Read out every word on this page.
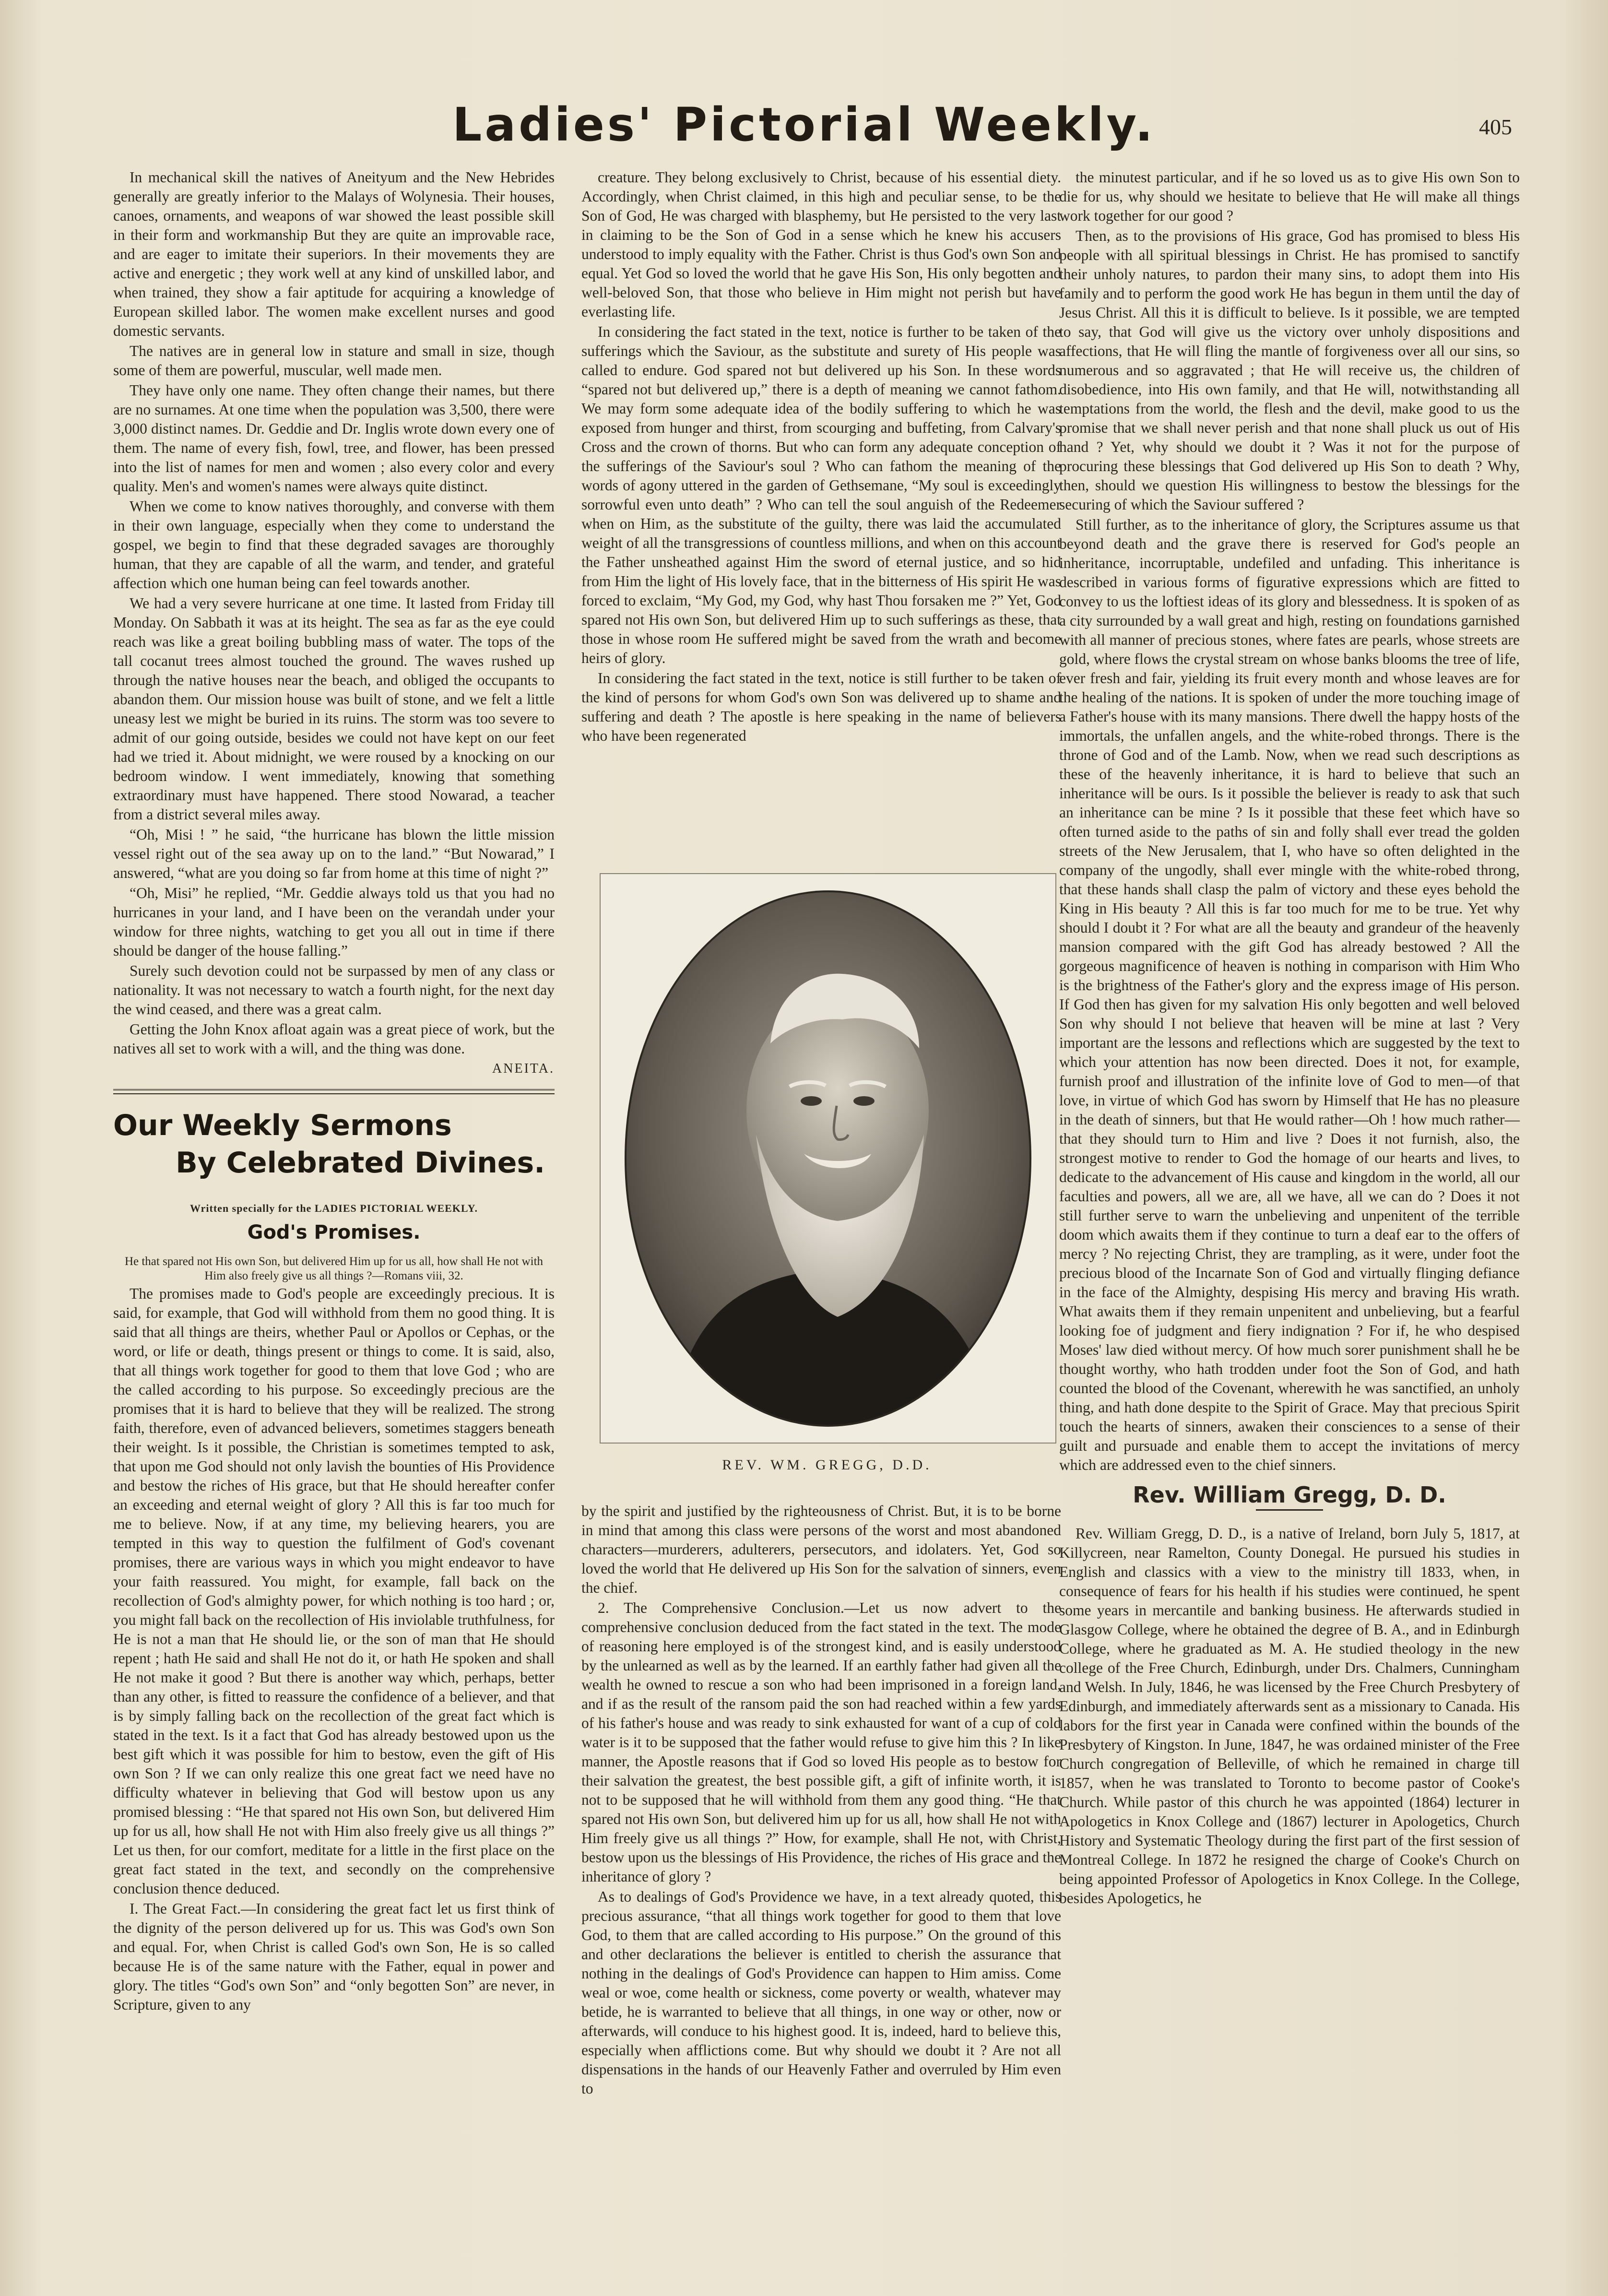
Ladies' Pictorial Weekly.	405

In mechanical skill the natives of Aneityum and the New Hebrides generally are greatly inferior to the Malays of Wolynesia. Their houses, canoes, ornaments, and weapons of war showed the least possible skill in their form and workmanship But they are quite an improvable race, and are eager to imitate their superiors. In their movements they are active and energetic ; they work well at any kind of unskilled labor, and when trained, they show a fair aptitude for acquiring a knowledge of European skilled labor. The women make excellent nurses and good domestic servants.

The natives are in general low in stature and small in size, though some of them are powerful, muscular, well made men.

They have only one name. They often change their names, but there are no surnames. At one time when the population was 3,500, there were 3,000 distinct names. Dr. Geddie and Dr. Inglis wrote down every one of them. The name of every fish, fowl, tree, and flower, has been pressed into the list of names for men and women ; also every color and every quality. Men's and women's names were always quite distinct.

When we come to know natives thoroughly, and converse with them in their own language, especially when they come to understand the gospel, we begin to find that these degraded savages are thoroughly human, that they are capable of all the warm, and tender, and grateful affection which one human being can feel towards another.

We had a very severe hurricane at one time. It lasted from Friday till Monday. On Sabbath it was at its height. The sea as far as the eye could reach was like a great boiling bubbling mass of water. The tops of the tall cocanut trees almost touched the ground. The waves rushed up through the native houses near the beach, and obliged the occupants to abandon them. Our mission house was built of stone, and we felt a little uneasy lest we might be buried in its ruins. The storm was too severe to admit of our going outside, besides we could not have kept on our feet had we tried it. About midnight, we were roused by a knocking on our bedroom window. I went immediately, knowing that something extraordinary must have happened. There stood Nowarad, a teacher from a district several miles away.

“Oh, Misi ! ” he said, “the hurricane has blown the little mission vessel right out of the sea away up on to the land.” “But Nowarad,” I answered, “what are you doing so far from home at this time of night ?”

“Oh, Misi” he replied, “Mr. Geddie always told us that you had no hurricanes in your land, and I have been on the verandah under your window for three nights, watching to get you all out in time if there should be danger of the house falling.”

Surely such devotion could not be surpassed by men of any class or nationality. It was not necessary to watch a fourth night, for the next day the wind ceased, and there was a great calm.

Getting the John Knox afloat again was a great piece of work, but the natives all set to work with a will, and the thing was done.

ANEITA.
Our Weekly Sermons
By Celebrated Divines.
Written specially for the LADIES PICTORIAL WEEKLY.
God's Promises.

He that spared not His own Son, but delivered Him up for us all, how shall He not with Him also freely give us all things ?—Romans viii, 32.

The promises made to God's people are exceedingly precious. It is said, for example, that God will withhold from them no good thing. It is said that all things are theirs, whether Paul or Apollos or Cephas, or the word, or life or death, things present or things to come. It is said, also, that all things work together for good to them that love God ; who are the called according to his purpose. So exceedingly precious are the promises that it is hard to believe that they will be realized. The strong faith, therefore, even of advanced believers, sometimes staggers beneath their weight. Is it possible, the Christian is sometimes tempted to ask, that upon me God should not only lavish the bounties of His Providence and bestow the riches of His grace, but that He should hereafter confer an exceeding and eternal weight of glory ? All this is far too much for me to believe. Now, if at any time, my believing hearers, you are tempted in this way to question the fulfilment of God's covenant promises, there are various ways in which you might endeavor to have your faith reassured. You might, for example, fall back on the recollection of God's almighty power, for which nothing is too hard ; or, you might fall back on the recollection of His inviolable truthfulness, for He is not a man that He should lie, or the son of man that He should repent ; hath He said and shall He not do it, or hath He spoken and shall He not make it good ? But there is another way which, perhaps, better than any other, is fitted to reassure the confidence of a believer, and that is by simply falling back on the recollection of the great fact which is stated in the text. Is it a fact that God has already bestowed upon us the best gift which it was possible for him to bestow, even the gift of His own Son ? If we can only realize this one great fact we need have no difficulty whatever in believing that God will bestow upon us any promised blessing : “He that spared not His own Son, but delivered Him up for us all, how shall He not with Him also freely give us all things ?” Let us then, for our comfort, meditate for a little in the first place on the great fact stated in the text, and secondly on the comprehensive conclusion thence deduced.

I. The Great Fact.—In considering the great fact let us first think of the dignity of the person delivered up for us. This was God's own Son and equal. For, when Christ is called God's own Son, He is so called because He is of the same nature with the Father, equal in power and glory. The titles “God's own Son” and “only begotten Son” are never, in Scripture, given to any

creature. They belong exclusively to Christ, because of his essential diety. Accordingly, when Christ claimed, in this high and peculiar sense, to be the Son of God, He was charged with blasphemy, but He persisted to the very last in claiming to be the Son of God in a sense which he knew his accusers understood to imply equality with the Father. Christ is thus God's own Son and equal. Yet God so loved the world that he gave His Son, His only begotten and well-beloved Son, that those who believe in Him might not perish but have everlasting life.

In considering the fact stated in the text, notice is further to be taken of the sufferings which the Saviour, as the substitute and surety of His people was called to endure. God spared not but delivered up his Son. In these words “spared not but delivered up,” there is a depth of meaning we cannot fathom. We may form some adequate idea of the bodily suffering to which he was exposed from hunger and thirst, from scourging and buffeting, from Calvary's Cross and the crown of thorns. But who can form any adequate conception of the sufferings of the Saviour's soul ? Who can fathom the meaning of the words of agony uttered in the garden of Gethsemane, “My soul is exceedingly sorrowful even unto death” ? Who can tell the soul anguish of the Redeemer when on Him, as the substitute of the guilty, there was laid the accumulated weight of all the transgressions of countless millions, and when on this account the Father unsheathed against Him the sword of eternal justice, and so hid from Him the light of His lovely face, that in the bitterness of His spirit He was forced to exclaim, “My God, my God, why hast Thou forsaken me ?” Yet, God spared not His own Son, but delivered Him up to such sufferings as these, that those in whose room He suffered might be saved from the wrath and become heirs of glory.

In considering the fact stated in the text, notice is still further to be taken of the kind of persons for whom God's own Son was delivered up to shame and suffering and death ? The apostle is here speaking in the name of believers who have been regenerated

REV. WM. GREGG, D.D.

by the spirit and justified by the righteousness of Christ. But, it is to be borne in mind that among this class were persons of the worst and most abandoned characters—murderers, adulterers, persecutors, and idolaters. Yet, God so loved the world that He delivered up His Son for the salvation of sinners, even the chief.

2. The Comprehensive Conclusion.—Let us now advert to the comprehensive conclusion deduced from the fact stated in the text. The mode of reasoning here employed is of the strongest kind, and is easily understood by the unlearned as well as by the learned. If an earthly father had given all the wealth he owned to rescue a son who had been imprisoned in a foreign land, and if as the result of the ransom paid the son had reached within a few yards of his father's house and was ready to sink exhausted for want of a cup of cold water is it to be supposed that the father would refuse to give him this ? In like manner, the Apostle reasons that if God so loved His people as to bestow for their salvation the greatest, the best possible gift, a gift of infinite worth, it is not to be supposed that he will withhold from them any good thing. “He that spared not His own Son, but delivered him up for us all, how shall He not with Him freely give us all things ?” How, for example, shall He not, with Christ, bestow upon us the blessings of His Providence, the riches of His grace and the inheritance of glory ?

As to dealings of God's Providence we have, in a text already quoted, this precious assurance, “that all things work together for good to them that love God, to them that are called according to His purpose.” On the ground of this and other declarations the believer is entitled to cherish the assurance that nothing in the dealings of God's Providence can happen to Him amiss. Come weal or woe, come health or sickness, come poverty or wealth, whatever may betide, he is warranted to believe that all things, in one way or other, now or afterwards, will conduce to his highest good. It is, indeed, hard to believe this, especially when afflictions come. But why should we doubt it ? Are not all dispensations in the hands of our Heavenly Father and overruled by Him even to

the minutest particular, and if he so loved us as to give His own Son to die for us, why should we hesitate to believe that He will make all things work together for our good ?

Then, as to the provisions of His grace, God has promised to bless His people with all spiritual blessings in Christ. He has promised to sanctify their unholy natures, to pardon their many sins, to adopt them into His family and to perform the good work He has begun in them until the day of Jesus Christ. All this it is difficult to believe. Is it possible, we are tempted to say, that God will give us the victory over unholy dispositions and affections, that He will fling the mantle of forgiveness over all our sins, so numerous and so aggravated ; that He will receive us, the children of disobedience, into His own family, and that He will, notwithstanding all temptations from the world, the flesh and the devil, make good to us the promise that we shall never perish and that none shall pluck us out of His hand ? Yet, why should we doubt it ? Was it not for the purpose of procuring these blessings that God delivered up His Son to death ? Why, then, should we question His willingness to bestow the blessings for the securing of which the Saviour suffered ?

Still further, as to the inheritance of glory, the Scriptures assume us that beyond death and the grave there is reserved for God's people an inheritance, incorruptable, undefiled and unfading. This inheritance is described in various forms of figurative expressions which are fitted to convey to us the loftiest ideas of its glory and blessedness. It is spoken of as a city surrounded by a wall great and high, resting on foundations garnished with all manner of precious stones, where fates are pearls, whose streets are gold, where flows the crystal stream on whose banks blooms the tree of life, ever fresh and fair, yielding its fruit every month and whose leaves are for the healing of the nations. It is spoken of under the more touching image of a Father's house with its many mansions. There dwell the happy hosts of the immortals, the unfallen angels, and the white-robed throngs. There is the throne of God and of the Lamb. Now, when we read such descriptions as these of the heavenly inheritance, it is hard to believe that such an inheritance will be ours. Is it possible the believer is ready to ask that such an inheritance can be mine ? Is it possible that these feet which have so often turned aside to the paths of sin and folly shall ever tread the golden streets of the New Jerusalem, that I, who have so often delighted in the company of the ungodly, shall ever mingle with the white-robed throng, that these hands shall clasp the palm of victory and these eyes behold the King in His beauty ? All this is far too much for me to be true. Yet why should I doubt it ? For what are all the beauty and grandeur of the heavenly mansion compared with the gift God has already bestowed ? All the gorgeous magnificence of heaven is nothing in comparison with Him Who is the brightness of the Father's glory and the express image of His person. If God then has given for my salvation His only begotten and well beloved Son why should I not believe that heaven will be mine at last ? Very important are the lessons and reflections which are suggested by the text to which your attention has now been directed. Does it not, for example, furnish proof and illustration of the infinite love of God to men—of that love, in virtue of which God has sworn by Himself that He has no pleasure in the death of sinners, but that He would rather—Oh ! how much rather—that they should turn to Him and live ? Does it not furnish, also, the strongest motive to render to God the homage of our hearts and lives, to dedicate to the advancement of His cause and kingdom in the world, all our faculties and powers, all we are, all we have, all we can do ? Does it not still further serve to warn the unbelieving and unpenitent of the terrible doom which awaits them if they continue to turn a deaf ear to the offers of mercy ? No rejecting Christ, they are trampling, as it were, under foot the precious blood of the Incarnate Son of God and virtually flinging defiance in the face of the Almighty, despising His mercy and braving His wrath. What awaits them if they remain unpenitent and unbelieving, but a fearful looking foe of judgment and fiery indignation ? For if, he who despised Moses' law died without mercy. Of how much sorer punishment shall he be thought worthy, who hath trodden under foot the Son of God, and hath counted the blood of the Covenant, wherewith he was sanctified, an unholy thing, and hath done despite to the Spirit of Grace. May that precious Spirit touch the hearts of sinners, awaken their consciences to a sense of their guilt and pursuade and enable them to accept the invitations of mercy which are addressed even to the chief sinners.

Rev. William Gregg, D. D.

Rev. William Gregg, D. D., is a native of Ireland, born July 5, 1817, at Killycreen, near Ramelton, County Donegal. He pursued his studies in English and classics with a view to the ministry till 1833, when, in consequence of fears for his health if his studies were continued, he spent some years in mercantile and banking business. He afterwards studied in Glasgow College, where he obtained the degree of B. A., and in Edinburgh College, where he graduated as M. A. He studied theology in the new college of the Free Church, Edinburgh, under Drs. Chalmers, Cunningham and Welsh. In July, 1846, he was licensed by the Free Church Presbytery of Edinburgh, and immediately afterwards sent as a missionary to Canada. His labors for the first year in Canada were confined within the bounds of the Presbytery of Kingston. In June, 1847, he was ordained minister of the Free Church congregation of Belleville, of which he remained in charge till 1857, when he was translated to Toronto to become pastor of Cooke's Church. While pastor of this church he was appointed (1864) lecturer in Apologetics in Knox College and (1867) lecturer in Apologetics, Church History and Systematic Theology during the first part of the first session of Montreal College. In 1872 he resigned the charge of Cooke's Church on being appointed Professor of Apologetics in Knox College. In the College, besides Apologetics, he
